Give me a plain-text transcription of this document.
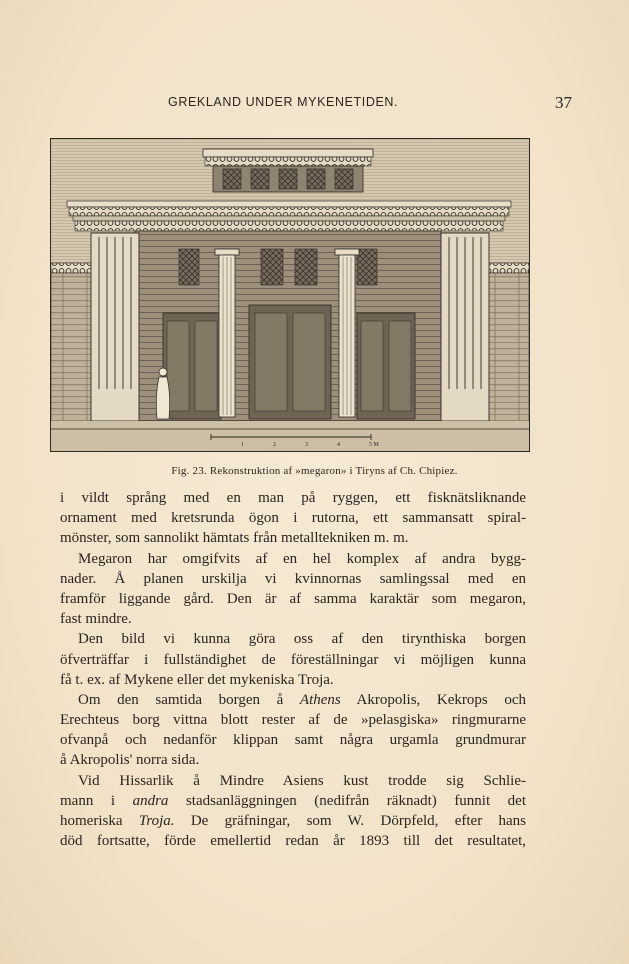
GREKLAND UNDER MYKENETIDEN.	37
1	2	3	4	5 M
Fig. 23. Rekonstruktion af »megaron» i Tiryns af Ch. Chipiez.
i vildt språng med en man på ryggen, ett fisknätsliknande
ornament med kretsrunda ögon i rutorna, ett sammansatt spiral-
mönster, som sannolikt hämtats från metalltekniken m. m.
Megaron har omgifvits af en hel komplex af andra bygg-
nader. Å planen urskilja vi kvinnornas samlingssal med en
framför liggande gård. Den är af samma karaktär som megaron,
fast mindre.
Den bild vi kunna göra oss af den tirynthiska borgen
öfverträffar i fullständighet de föreställningar vi möjligen kunna
få t. ex. af Mykene eller det mykeniska Troja.
Om den samtida borgen å Athens Akropolis, Kekrops och
Erechteus borg vittna blott rester af de »pelasgiska» ringmurarne
ofvanpå och nedanför klippan samt några urgamla grundmurar
å Akropolis' norra sida.
Vid Hissarlik å Mindre Asiens kust trodde sig Schlie-
mann i andra stadsanläggningen (nedifrån räknadt) funnit det
homeriska Troja. De gräfningar, som W. Dörpfeld, efter hans
död fortsatte, förde emellertid redan år 1893 till det resultatet,
